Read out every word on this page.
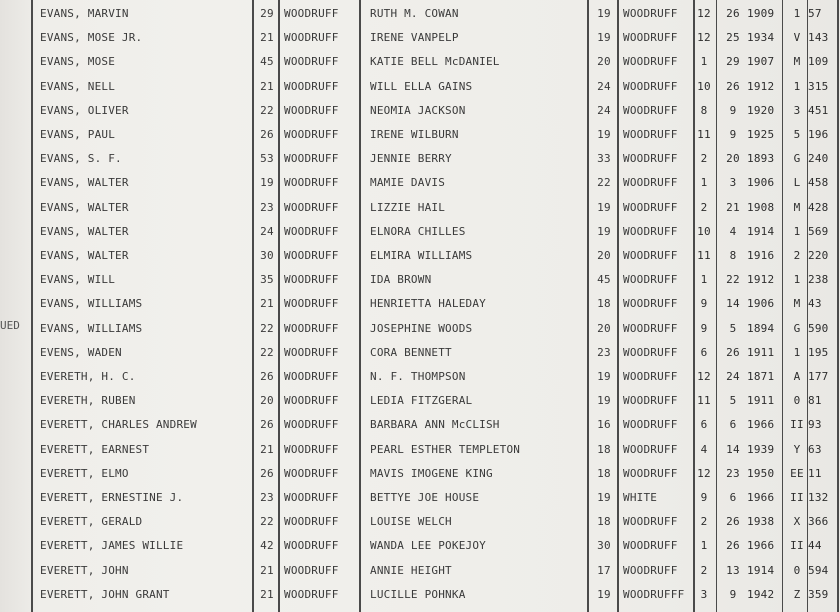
UED
EVANS, MARVIN	29 WOODRUFF	RUTH M. COWAN	19	WOODRUFF 12	26 1909	1 57
EVANS, MOSE JR.	21 WOODRUFF	IRENE VANPELP	19	WOODRUFF 12	25 1934	V 143
EVANS, MOSE	45 WOODRUFF	KATIE BELL McDANIEL	20	WOODRUFF	1	29 1907	M 109
EVANS, NELL	21 WOODRUFF	WILL ELLA GAINS	24	WOODRUFF 10	26 1912	1 315
EVANS, OLIVER	22 WOODRUFF	NEOMIA JACKSON	24	WOODRUFF	8	9 1920	3 451
EVANS, PAUL	26 WOODRUFF	IRENE WILBURN	19	WOODRUFF 11	9 1925	5 196
EVANS, S. F.	53 WOODRUFF	JENNIE BERRY	33	WOODRUFF	2	20 1893	G 240
EVANS, WALTER	19 WOODRUFF	MAMIE DAVIS	22	WOODRUFF	1	3 1906	L 458
EVANS, WALTER	23 WOODRUFF	LIZZIE HAIL	19	WOODRUFF	2	21 1908	M 428
EVANS, WALTER	24 WOODRUFF	ELNORA CHILLES	19	WOODRUFF 10	4 1914	1 569
EVANS, WALTER	30 WOODRUFF	ELMIRA WILLIAMS	20	WOODRUFF 11	8 1916	2 220
EVANS, WILL	35 WOODRUFF	IDA BROWN	45	WOODRUFF	1	22 1912	1 238
EVANS, WILLIAMS	21 WOODRUFF	HENRIETTA HALEDAY	18	WOODRUFF	9	14 1906	M 43
EVANS, WILLIAMS	22 WOODRUFF	JOSEPHINE WOODS	20	WOODRUFF	9	5 1894	G 590
EVENS, WADEN	22 WOODRUFF	CORA BENNETT	23	WOODRUFF	6	26 1911	1 195
EVERETH, H. C.	26 WOODRUFF	N. F. THOMPSON	19	WOODRUFF 12	24 1871	A 177
EVERETH, RUBEN	20 WOODRUFF	LEDIA FITZGERAL	19	WOODRUFF 11	5 1911	0 81
EVERETT, CHARLES ANDREW	26 WOODRUFF	BARBARA ANN McCLISH	16	WOODRUFF	6	6 1966	II 93
EVERETT, EARNEST	21 WOODRUFF	PEARL ESTHER TEMPLETON	18	WOODRUFF	4	14 1939	Y 63
EVERETT, ELMO	26 WOODRUFF	MAVIS IMOGENE KING	18	WOODRUFF 12	23 1950	EE 11
EVERETT, ERNESTINE J.	23 WOODRUFF	BETTYE JOE HOUSE	19	WHITE	9	6 1966	II 132
EVERETT, GERALD	22 WOODRUFF	LOUISE WELCH	18	WOODRUFF	2	26 1938	X 366
EVERETT, JAMES WILLIE	42 WOODRUFF	WANDA LEE POKEJOY	30	WOODRUFF	1	26 1966	II 44
EVERETT, JOHN	21 WOODRUFF	ANNIE HEIGHT	17	WOODRUFF	2	13 1914	0 594
EVERETT, JOHN GRANT	21 WOODRUFF	LUCILLE POHNKA	19	WOODRUFFF	3	9 1942	Z 359
